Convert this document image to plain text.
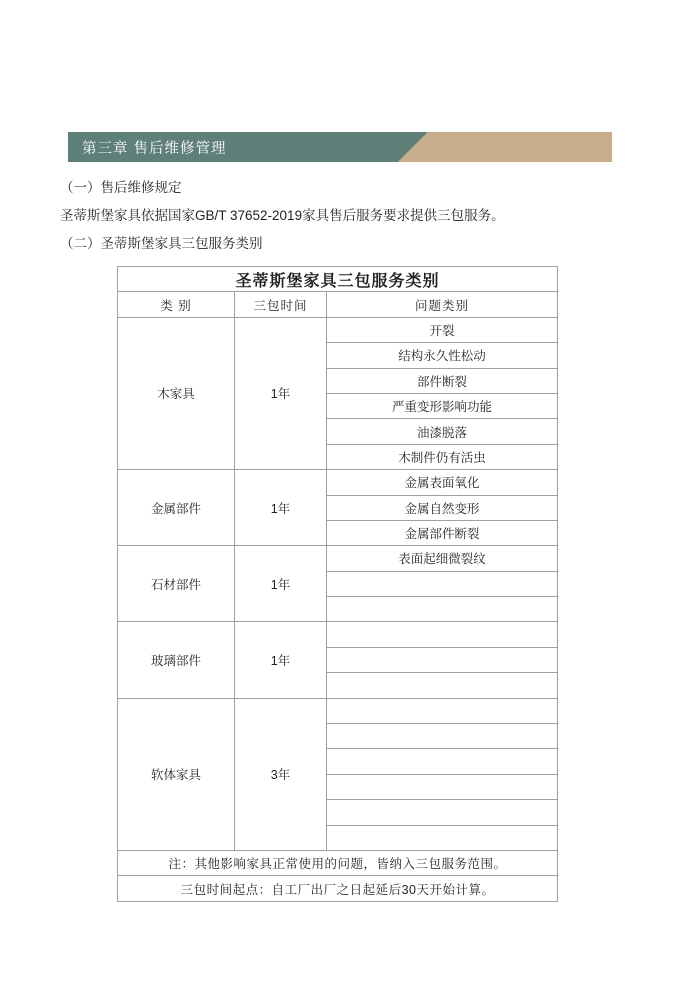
第三章 售后维修管理
（一）售后维修规定
圣蒂斯堡家具依据国家GB/T 37652-2019家具售后服务要求提供三包服务。
（二）圣蒂斯堡家具三包服务类别
圣蒂斯堡家具三包服务类别		
类 别	三包时间	问题类别
木家具	1年	开裂
		结构永久性松动
		部件断裂
		严重变形影响功能
		油漆脱落
		木制件仍有活虫
金属部件	1年	金属表面氧化
		金属自然变形
		金属部件断裂
石材部件	1年	表面起细微裂纹

玻璃部件	1年	

软体家具	3年	

注：其他影响家具正常使用的问题，皆纳入三包服务范围。		
三包时间起点：自工厂出厂之日起延后30天开始计算。		
